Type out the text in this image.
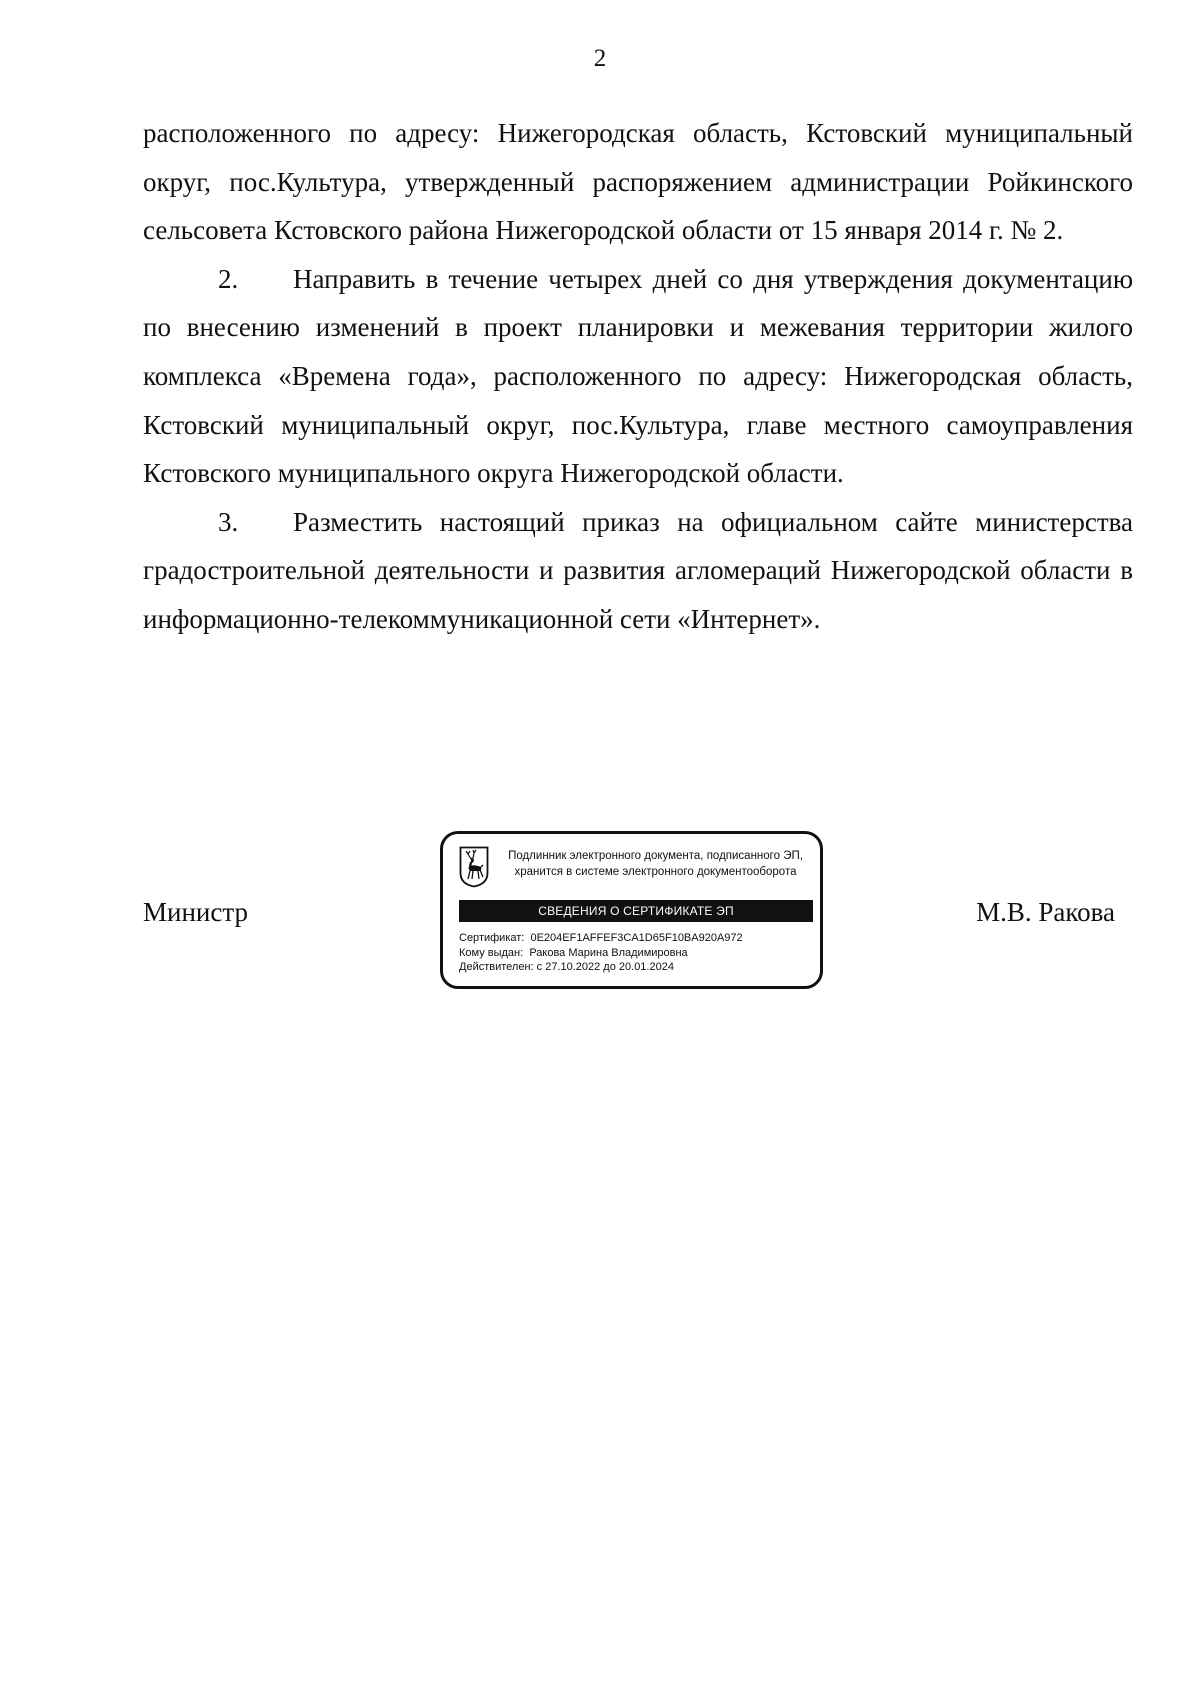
2

расположенного по адресу: Нижегородская область, Кстовский муниципальный округ, пос.Культура, утвержденный распоряжением администрации Ройкинского сельсовета Кстовского района Нижегородской области от 15 января 2014 г. № 2.

2. Направить в течение четырех дней со дня утверждения документацию по внесению изменений в проект планировки и межевания территории жилого комплекса «Времена года», расположенного по адресу: Нижегородская область, Кстовский муниципальный округ, пос.Культура, главе местного самоуправления Кстовского муниципального округа Нижегородской области.

3. Разместить настоящий приказ на официальном сайте министерства градостроительной деятельности и развития агломераций Нижегородской области в информационно-телекоммуникационной сети «Интернет».

Министр	М.В. Ракова
Подлинник электронного документа, подписанного ЭП,
хранится в системе электронного документооборота
СВЕДЕНИЯ О СЕРТИФИКАТЕ ЭП
Сертификат: 0E204EF1AFFEF3CA1D65F10BA920A972
Кому выдан: Ракова Марина Владимировна
Действителен: с 27.10.2022 до 20.01.2024
